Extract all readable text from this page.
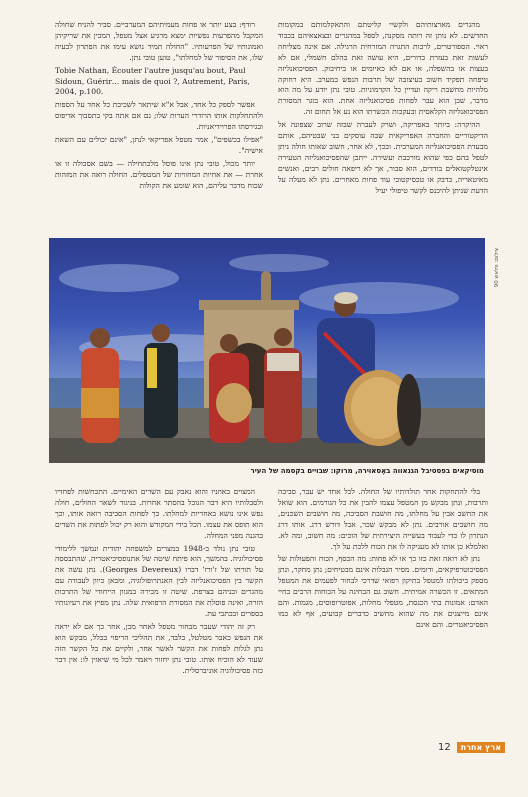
מהגרים מארצותיהם ולקשיי קליטתם והתאקלמותם במקומות החדשים. לא נותן זה רותה מסקנה, לספל במהגרים ובצאצאיהם בכבוד ראוי. הספורטרים, לרבות התגרה המזרחית הרגילה. אם אינה מצליחה לעשות זאת בעזרת כדורים, היא עושה זאת בהלם חשמלי, אם לא בעצות או בהשפלה, או אם לא כאיומים או ביחיבוק. הפסיכואנליזה טיפחה תפקיד חשוב בעיצובה של תרבות הנפש במערב. היא רחוקה מלהיות מחשבת ריקה ועדיין כל הקדמוניות. טובי נתן יודע על מה הוא מדבר, שכן הוא עבר לפחות פסיכואנליזה אחת. הוא בוגר המסורת הפסיכואנליזה הקלאסית ובעקבות הכשרתו הוא נע אל תחום זה.

ההיקרה: ביותר באפריקה, ושרק לעברה שבזה שרוב שצפונה אל הדיקטוריים והחברה האפריקאית שבה עוסקים בני שבטיהם, אותם מבעדת הפסיכואנליזה המערבית. ובכך, לא אחר, חשוב שאותו חולה ניתן לטפל בהם כפי שהוא מורכבת ועשירה. ייתכן שהפסיכואנליזה הטעירה אינטלקטואלים בודדים, הוא סבור, אך לא ריפאה חולים רבים, ואנשים מאיטאריה, בדבק או טכסיקטובי עוד פחות מאחרים. נתן לא מעלה על הדעת שניתן להיכנס לקשר טיפולי יעיל

רודף: בצע יותר או פחות מעמיתיהם המערביים. סביר להניח שחולה המקבל מהפרעות נפשיות ימצא מרגיע אצל מטפל, המכין את שריקיהן ואמונותיו של הפרעותיו. "החולה תמיד נושא עימו את הפתרון לבעיה שלו, את הסיפור של למחלתו", טוען טובי נתן.

Tobie Nathan, Écouter l'autre jusqu'au bout, Paul Sidoun, Guérir… mais de quoi ?, Autrement, Paris, 2004, p.100.

אפשר לספק כל אחד, אבל א"א שיתאר לשכיבת כל אחד על הספות ולהתחלקות אותו הרודרי הערות שלו; גם אם אתה בקי בתסבוך אדיפוס ובגירסתו הפרוידיאניות.

"אפילו בכשפים", אמר מטפל אפריקאי לנתן, "אינם יכולים עם השאת אישיה".

יותר מכול, טובי נתן אינו פוסל מלכתחילה — בשם אסכולה זו או אחרת — את אחיות המחוויות של המטפלים. החולה רואה את המזהות שכוח מדבר עליהם, הוא שומע את הקולות

צילום: פלאש 90
מוסיקאים בפסטיבל הגנאווה באֶסאוּירה, מרוקו: שבויים בקסמה של העיר

בלי להתחקות אחר תולדותיו של החולה. לכל אחד יש עבר, סביבה ותרבות, ונתן מבקש מן המטפל עצמו להבין את כל הגורמים. הוא שואל את החשב אבין על מחלתו, מה חושבת הסביבה, מה חושבים השכנים, מה חושבים אורבים. נתן לא מבקש שכר, אבל דורש דרג. אותו דרג הנתרון לו כדי לעבוד בעשייה היצירתית של הוכים: מה חשוב, ומה לא. ואלמלא כן אותו לא מעניקה לו את הכוח ללכת על לך.

נתן לא רואה זאת כזו כך או לא פחות: מה הכסף, הכוח והפעולות של הפסיכוטרפיקאים, ודומים. מסיר הגבלות אינם מבטיחים; נתן מחקר, ונתן מספק ביכולתו למטפל בתיקון רפואי שדרכי לבחור לפעמים את המטפל המתאים. זו הכשרה אמיתית. חשוב גם הבחינה על הכוחות הרבים בחיי האדם: אמונות בתי הכנסת, מטפלי מחלות, אפוטרופוסים, מגמות. והם אינם מייצגים את מה שהוא מחשיב כדברים קבועים, אף לא כמו הפסיכיאטרים. והם אינם

המצוים באוזניו והוא נאבק עם השדים האימיים. התכחשות לפחדיו ולסבלותיו היא דבר הגובל בהסתר אחרות. בניגוד לשאר החולים, חולה נפש אינו נושא באחריות למחלתו. כך לפחות הסביבה רואה אותו, וכך הוא תופס את עצמו. הכל בידי המקודש והוא רק יכול לפתות את השדים בהגנה מפני המחלה.

טובי נתן נולד ב-1948 במצרים למשפחה יהודית ונמשך ללימודי פסיכולוגיה. בהמשך, הוא פיתח שיטה של אתנופסיכיאטריה, שהתבססה על תורתו של ז'ורז' דברו (Georges Devereux). נתן עשה את הקשר בין הפסיכואנליזה לבין האנתרופולוגיה, ומכאן כיוון לעבודה עם מהגרים ובניהם בצרפת. שיטה זו מכירה במגוון הייחודי של התרבות הזרה, ואינה פוסלת את המסורת הרפואית שלה. נתן מפיץ את רעיונותיו בספרים ובכתבי עת.

רק זה יהודי שעבר מבחור מטפל לאחר מכן, אחר כך אם לא יראה את הנפש כאבר מטלטל, בלבד, את תהליכי הריפוי בכלל, מבקש הוא נתן לגלות לפחות את הקשר לאשר אחר, ולקיים את כל הקשר הזה שעוד לא הוכיח אותו. טובי נתן יחזור ויאמר לכל מי שיאזין לו: אין דבר כזה פסיכולוגיה אוניברסלית.

12	ארץ אחרת
